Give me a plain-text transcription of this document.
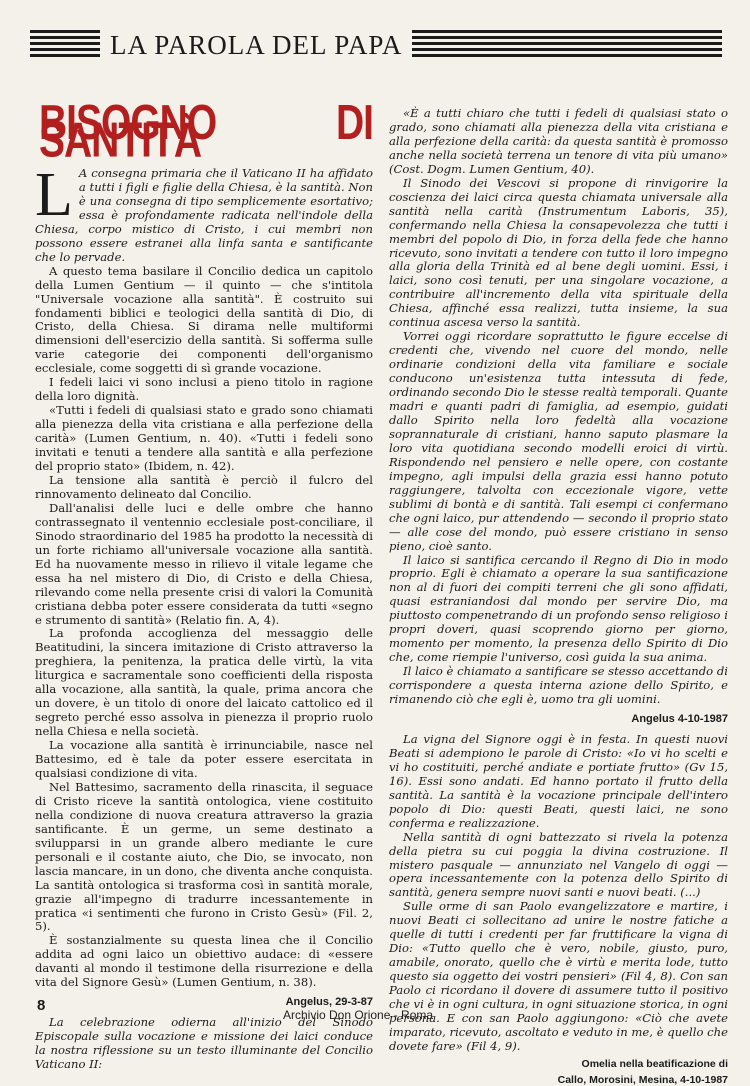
LA PAROLA DEL PAPA
BISOGNO DI SANTITÀ

L A consegna primaria che il Vaticano II ha affidato a tutti i figli e figlie della Chiesa, è la santità. Non è una consegna di tipo semplicemente esortativo; essa è profondamente radicata nell'indole della Chiesa, corpo mistico di Cristo, i cui membri non possono essere estranei alla linfa santa e santificante che lo pervade.

A questo tema basilare il Concilio dedica un capitolo della Lumen Gentium — il quinto — che s'intitola "Universale vocazione alla santità". È costruito sui fondamenti biblici e teologici della santità di Dio, di Cristo, della Chiesa. Si dirama nelle multiformi dimensioni dell'esercizio della santità. Si sofferma sulle varie categorie dei componenti dell'organismo ecclesiale, come soggetti di sì grande vocazione.

I fedeli laici vi sono inclusi a pieno titolo in ragione della loro dignità.

«Tutti i fedeli di qualsiasi stato e grado sono chiamati alla pienezza della vita cristiana e alla perfezione della carità» (Lumen Gentium, n. 40). «Tutti i fedeli sono invitati e tenuti a tendere alla santità e alla perfezione del proprio stato» (Ibidem, n. 42).

La tensione alla santità è perciò il fulcro del rinnovamento delineato dal Concilio.

Dall'analisi delle luci e delle ombre che hanno contrassegnato il ventennio ecclesiale post-conciliare, il Sinodo straordinario del 1985 ha prodotto la necessità di un forte richiamo all'universale vocazione alla santità. Ed ha nuovamente messo in rilievo il vitale legame che essa ha nel mistero di Dio, di Cristo e della Chiesa, rilevando come nella presente crisi di valori la Comunità cristiana debba poter essere considerata da tutti «segno e strumento di santità» (Relatio fin. A, 4).

La profonda accoglienza del messaggio delle Beatitudini, la sincera imitazione di Cristo attraverso la preghiera, la penitenza, la pratica delle virtù, la vita liturgica e sacramentale sono coefficienti della risposta alla vocazione, alla santità, la quale, prima ancora che un dovere, è un titolo di onore del laicato cattolico ed il segreto perché esso assolva in pienezza il proprio ruolo nella Chiesa e nella società.

La vocazione alla santità è irrinunciabile, nasce nel Battesimo, ed è tale da poter essere esercitata in qualsiasi condizione di vita.

Nel Battesimo, sacramento della rinascita, il seguace di Cristo riceve la santità ontologica, viene costituito nella condizione di nuova creatura attraverso la grazia santificante. È un germe, un seme destinato a svilupparsi in un grande albero mediante le cure personali e il costante aiuto, che Dio, se invocato, non lascia mancare, in un dono, che diventa anche conquista. La santità ontologica si trasforma così in santità morale, grazie all'impegno di tradurre incessantemente in pratica «i sentimenti che furono in Cristo Gesù» (Fil. 2, 5).

È sostanzialmente su questa linea che il Concilio addita ad ogni laico un obiettivo audace: di «essere davanti al mondo il testimone della risurrezione e della vita del Signore Gesù» (Lumen Gentium, n. 38).

Angelus, 29-3-87

La celebrazione odierna all'inizio del Sinodo Episcopale sulla vocazione e missione dei laici conduce la nostra riflessione su un testo illuminante del Concilio Vaticano II:

«È a tutti chiaro che tutti i fedeli di qualsiasi stato o grado, sono chiamati alla pienezza della vita cristiana e alla perfezione della carità: da questa santità è promosso anche nella società terrena un tenore di vita più umano» (Cost. Dogm. Lumen Gentium, 40).

Il Sinodo dei Vescovi si propone di rinvigorire la coscienza dei laici circa questa chiamata universale alla santità nella carità (Instrumentum Laboris, 35), confermando nella Chiesa la consapevolezza che tutti i membri del popolo di Dio, in forza della fede che hanno ricevuto, sono invitati a tendere con tutto il loro impegno alla gloria della Trinità ed al bene degli uomini. Essi, i laici, sono così tenuti, per una singolare vocazione, a contribuire all'incremento della vita spirituale della Chiesa, affinché essa realizzi, tutta insieme, la sua continua ascesa verso la santità.

Vorrei oggi ricordare soprattutto le figure eccelse di credenti che, vivendo nel cuore del mondo, nelle ordinarie condizioni della vita familiare e sociale conducono un'esistenza tutta intessuta di fede, ordinando secondo Dio le stesse realtà temporali. Quante madri e quanti padri di famiglia, ad esempio, guidati dallo Spirito nella loro fedeltà alla vocazione soprannaturale di cristiani, hanno saputo plasmare la loro vita quotidiana secondo modelli eroici di virtù. Rispondendo nel pensiero e nelle opere, con costante impegno, agli impulsi della grazia essi hanno potuto raggiungere, talvolta con eccezionale vigore, vette sublimi di bontà e di santità. Tali esempi ci confermano che ogni laico, pur attendendo — secondo il proprio stato — alle cose del mondo, può essere cristiano in senso pieno, cioè santo.

Il laico si santifica cercando il Regno di Dio in modo proprio. Egli è chiamato a operare la sua santificazione non al di fuori dei compiti terreni che gli sono affidati, quasi estraniandosi dal mondo per servire Dio, ma piuttosto compenetrando di un profondo senso religioso i propri doveri, quasi scoprendo giorno per giorno, momento per momento, la presenza dello Spirito di Dio che, come riempie l'universo, così guida la sua anima.

Il laico è chiamato a santificare se stesso accettando di corrispondere a questa interna azione dello Spirito, e rimanendo ciò che egli è, uomo tra gli uomini.

Angelus 4-10-1987

La vigna del Signore oggi è in festa. In questi nuovi Beati si adempiono le parole di Cristo: «Io vi ho scelti e vi ho costituiti, perché andiate e portiate frutto» (Gv 15, 16). Essi sono andati. Ed hanno portato il frutto della santità. La santità è la vocazione principale dell'intero popolo di Dio: questi Beati, questi laici, ne sono conferma e realizzazione.

Nella santità di ogni battezzato si rivela la potenza della pietra su cui poggia la divina costruzione. Il mistero pasquale — annunziato nel Vangelo di oggi — opera incessantemente con la potenza dello Spirito di santità, genera sempre nuovi santi e nuovi beati. (...)

Sulle orme di san Paolo evangelizzatore e martire, i nuovi Beati ci sollecitano ad unire le nostre fatiche a quelle di tutti i credenti per far fruttificare la vigna di Dio: «Tutto quello che è vero, nobile, giusto, puro, amabile, onorato, quello che è virtù e merita lode, tutto questo sia oggetto dei vostri pensieri» (Fil 4, 8). Con san Paolo ci ricordano il dovere di assumere tutto il positivo che vi è in ogni cultura, in ogni situazione storica, in ogni persona. E con san Paolo aggiungono: «Ciò che avete imparato, ricevuto, ascoltato e veduto in me, è quello che dovete fare» (Fil 4, 9).

Omelia nella beatificazione di

Callo, Morosini, Mesina, 4-10-1987

8
Archivio Don Orione - Roma
